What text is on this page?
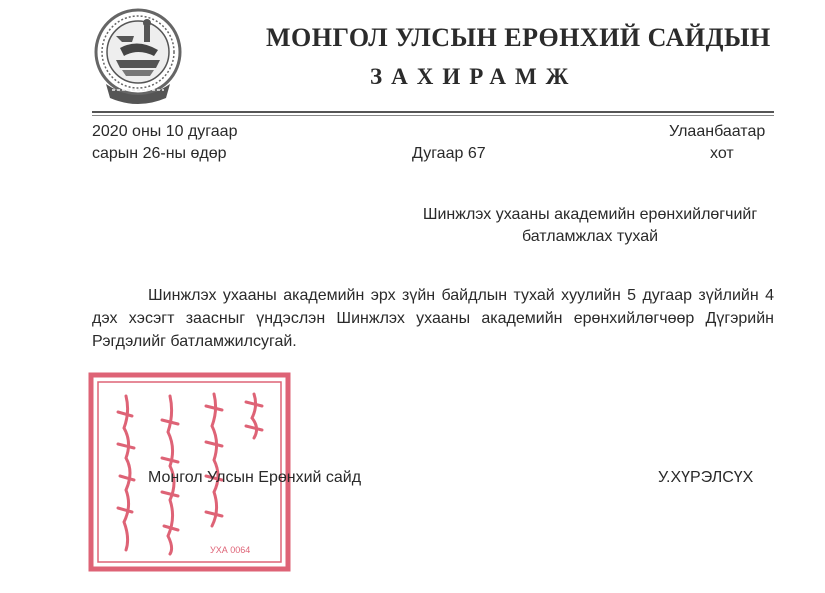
МОНГОЛ УЛСЫН ЕРӨНХИЙ САЙДЫН
ЗАХИРАМЖ
2020 оны 10 дугаар
сарын 26-ны өдөр	Дугаар 67
Улаанбаатар
хот
Шинжлэх ухааны академийн ерөнхийлөгчийг
батламжлах тухай
Шинжлэх ухааны академийн эрх зүйн байдлын тухай хуулийн 5 дугаар зүйлийн 4 дэх хэсэгт заасныг үндэслэн Шинжлэх ухааны академийн ерөнхийлөгчөөр Дүгэрийн Рэгдэлийг батламжилсугай.
УХА 0064
Монгол Улсын Ерөнхий сайд	У.ХҮРЭЛСҮХ
